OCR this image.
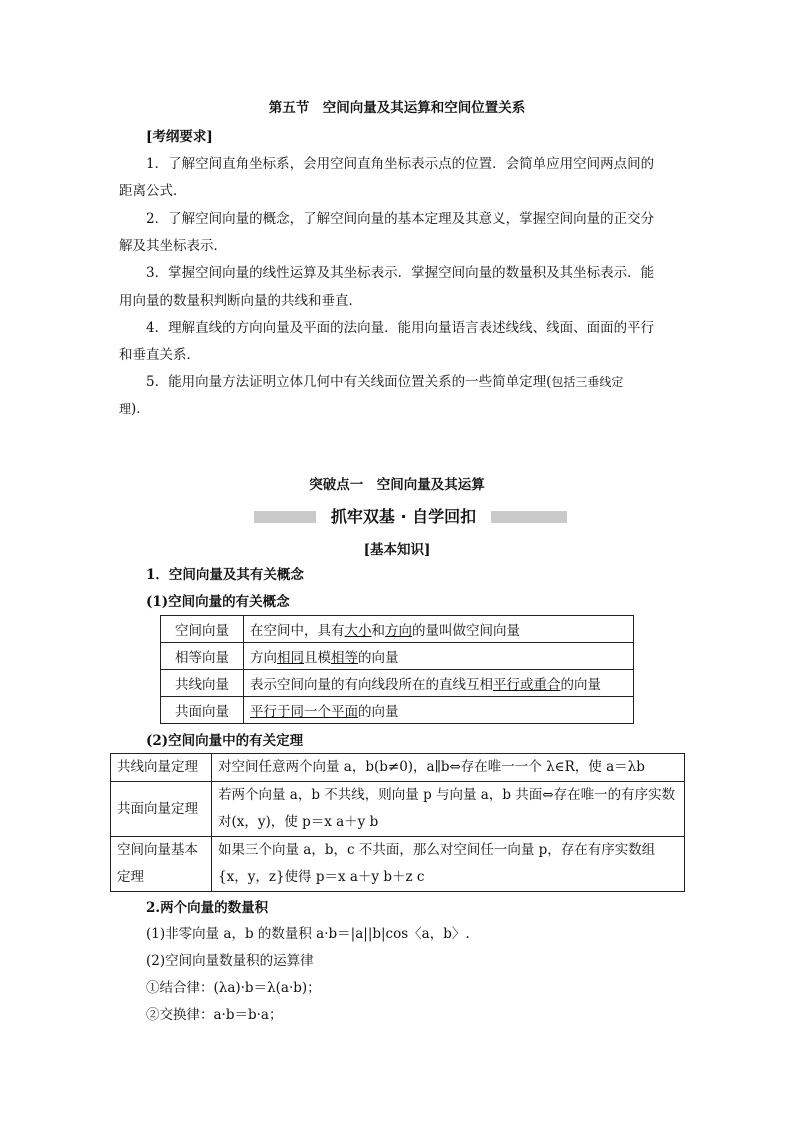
第五节　空间向量及其运算和空间位置关系
[考纲要求]
1．了解空间直角坐标系，会用空间直角坐标表示点的位置．会简单应用空间两点间的
距离公式．
2．了解空间向量的概念，了解空间向量的基本定理及其意义，掌握空间向量的正交分
解及其坐标表示．
3．掌握空间向量的线性运算及其坐标表示．掌握空间向量的数量积及其坐标表示．能
用向量的数量积判断向量的共线和垂直．
4．理解直线的方向向量及平面的法向量．能用向量语言表述线线、线面、面面的平行
和垂直关系．
5．能用向量方法证明立体几何中有关线面位置关系的一些简单定理(包括三垂线定
理)．
突破点一　空间向量及其运算
抓牢双基 · 自学回扣
[基本知识]
1．空间向量及其有关概念
(1)空间向量的有关概念
空间向量	在空间中，具有大小和方向的量叫做空间向量
相等向量	方向相同且模相等的向量
共线向量	表示空间向量的有向线段所在的直线互相平行或重合的向量
共面向量	平行于同一个平面的向量
(2)空间向量中的有关定理
共线向量定理	对空间任意两个向量 a，b(b≠0)，a∥b⇔存在唯一一个 λ∈R，使 a＝λb
共面向量定理	若两个向量 a，b 不共线，则向量 p 与向量 a，b 共面⇔存在唯一的有序实数对(x，y)，使 p＝x a＋y b
空间向量基本定理	如果三个向量 a，b，c 不共面，那么对空间任一向量 p，存在有序实数组{x，y，z}使得 p＝x a＋y b＋z c
2.两个向量的数量积
(1)非零向量 a，b 的数量积 a·b＝|a||b|cos〈a，b〉.
(2)空间向量数量积的运算律
①结合律：(λa)·b＝λ(a·b)；
②交换律：a·b＝b·a；
